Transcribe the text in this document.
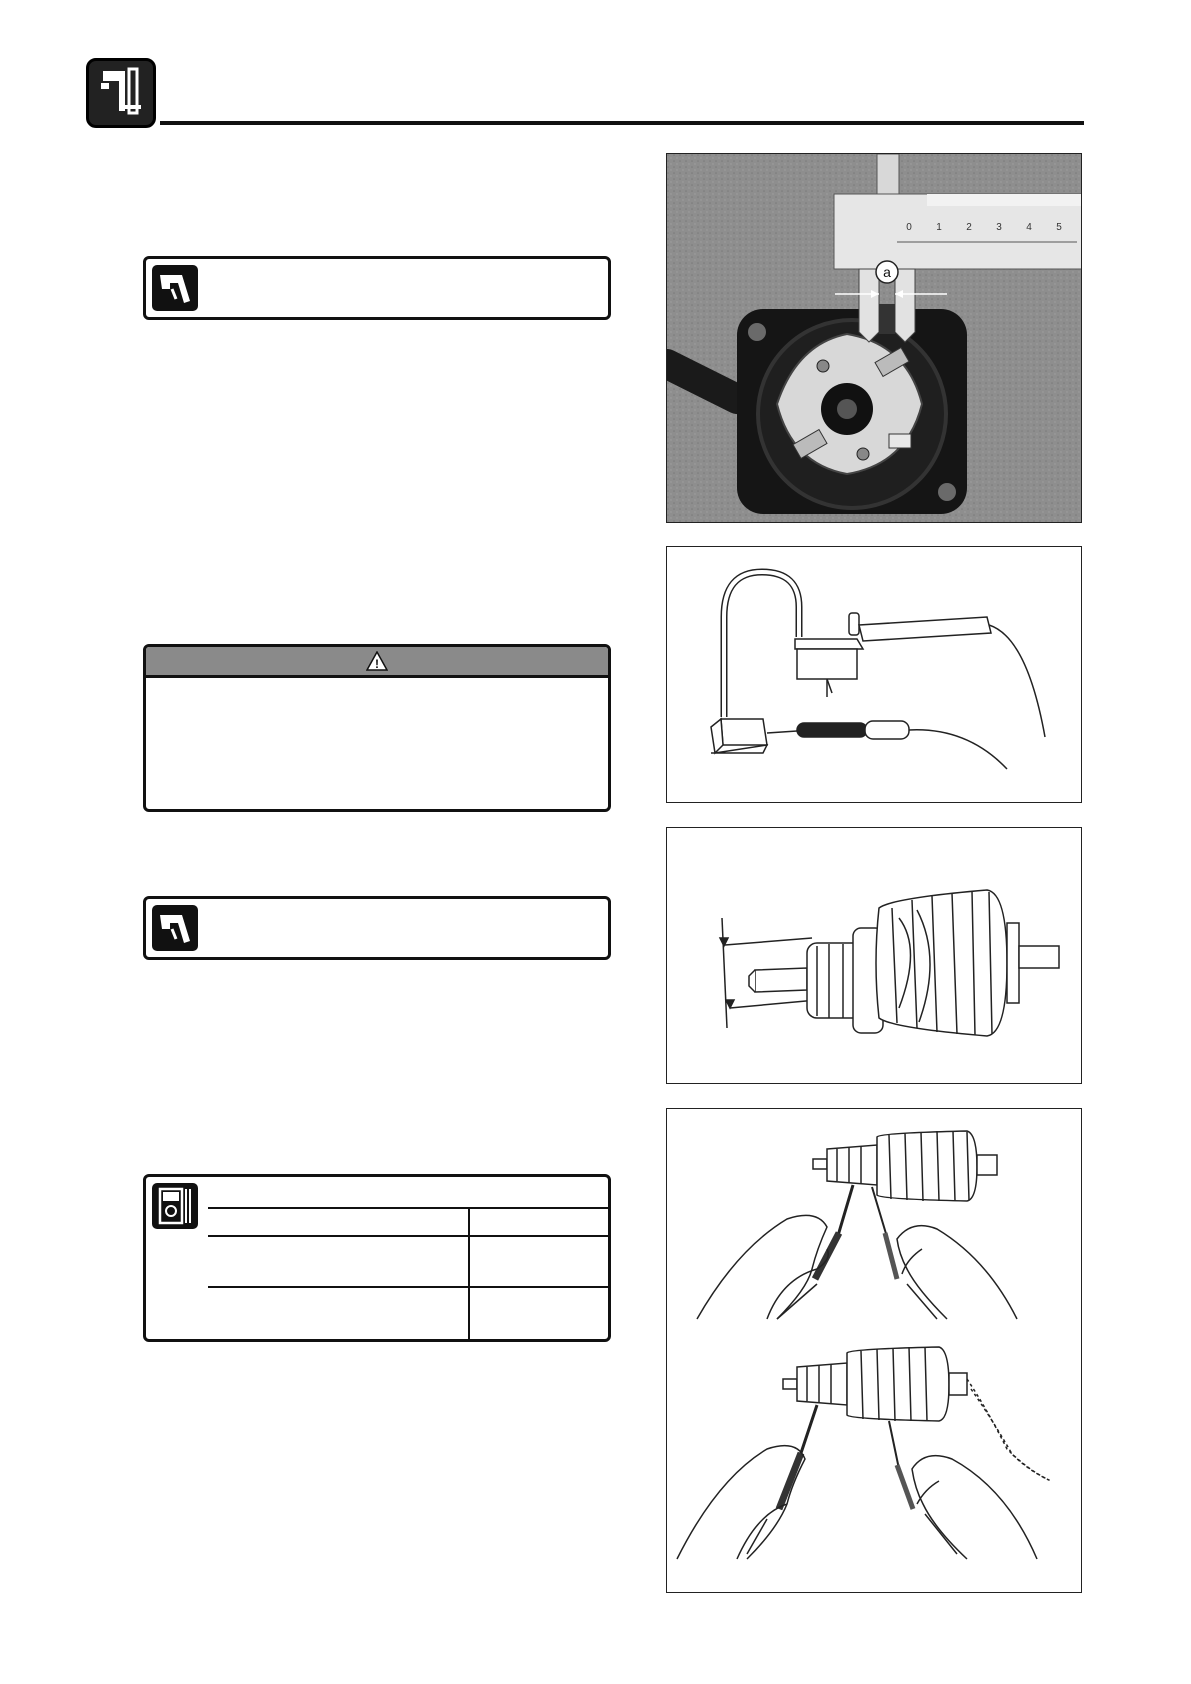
!
0 1 2 3 4 5
a
